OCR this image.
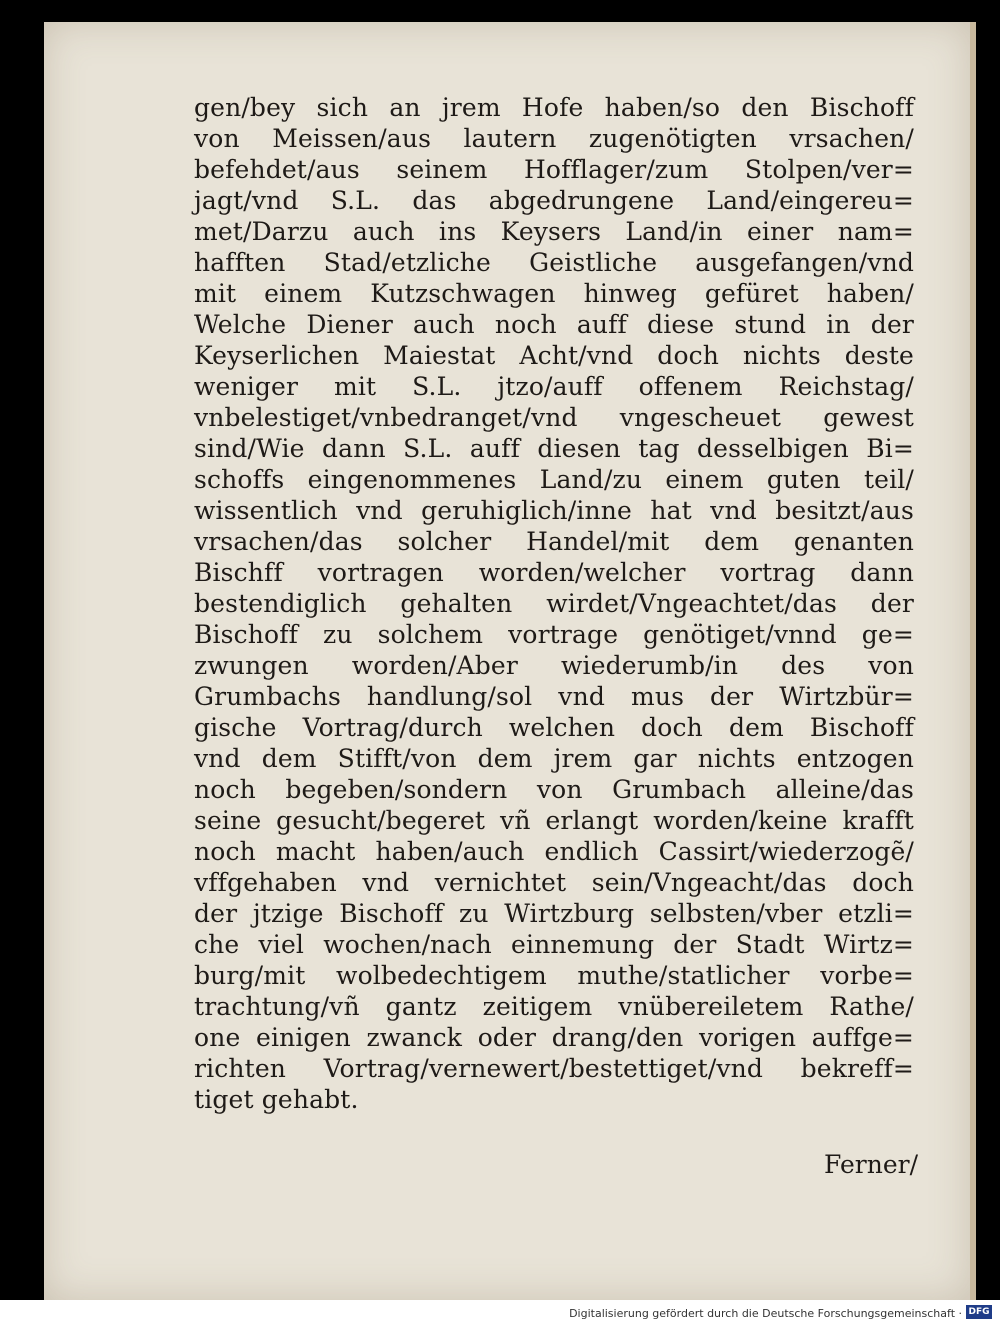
gen/bey sich an jrem Hofe haben/so den Bischoff
von Meissen/aus lautern zugenötigten vrsachen/
befehdet/aus seinem Hofflager/zum Stolpen/ver=
jagt/vnd S.L. das abgedrungene Land/eingereu=
met/Darzu auch ins Keysers Land/in einer nam=
hafften Stad/etzliche Geistliche ausgefangen/vnd
mit einem Kutzschwagen hinweg gefüret haben/
Welche Diener auch noch auff diese stund in der
Keyserlichen Maiestat Acht/vnd doch nichts deste
weniger mit S.L. jtzo/auff offenem Reichstag/
vnbelestiget/vnbedranget/vnd vngescheuet gewest
sind/Wie dann S.L. auff diesen tag desselbigen Bi=
schoffs eingenommenes Land/zu einem guten teil/
wissentlich vnd geruhiglich/inne hat vnd besitzt/aus
vrsachen/das solcher Handel/mit dem genanten
Bischff vortragen worden/welcher vortrag dann
bestendiglich gehalten wirdet/Vngeachtet/das der
Bischoff zu solchem vortrage genötiget/vnnd ge=
zwungen worden/Aber wiederumb/in des von
Grumbachs handlung/sol vnd mus der Wirtzbür=
gische Vortrag/durch welchen doch dem Bischoff
vnd dem Stifft/von dem jrem gar nichts entzogen
noch begeben/sondern von Grumbach alleine/das
seine gesucht/begeret vñ erlangt worden/keine krafft
noch macht haben/auch endlich Cassirt/wiederzogẽ/
vffgehaben vnd vernichtet sein/Vngeacht/das doch
der jtzige Bischoff zu Wirtzburg selbsten/vber etzli=
che viel wochen/nach einnemung der Stadt Wirtz=
burg/mit wolbedechtigem muthe/statlicher vorbe=
trachtung/vñ gantz zeitigem vnübereiletem Rathe/
one einigen zwanck oder drang/den vorigen auffge=
richten Vortrag/vernewert/bestettiget/vnd bekreff=
tiget gehabt.
Ferner/
Digitalisierung gefördert durch die Deutsche Forschungsgemeinschaft · DFG
